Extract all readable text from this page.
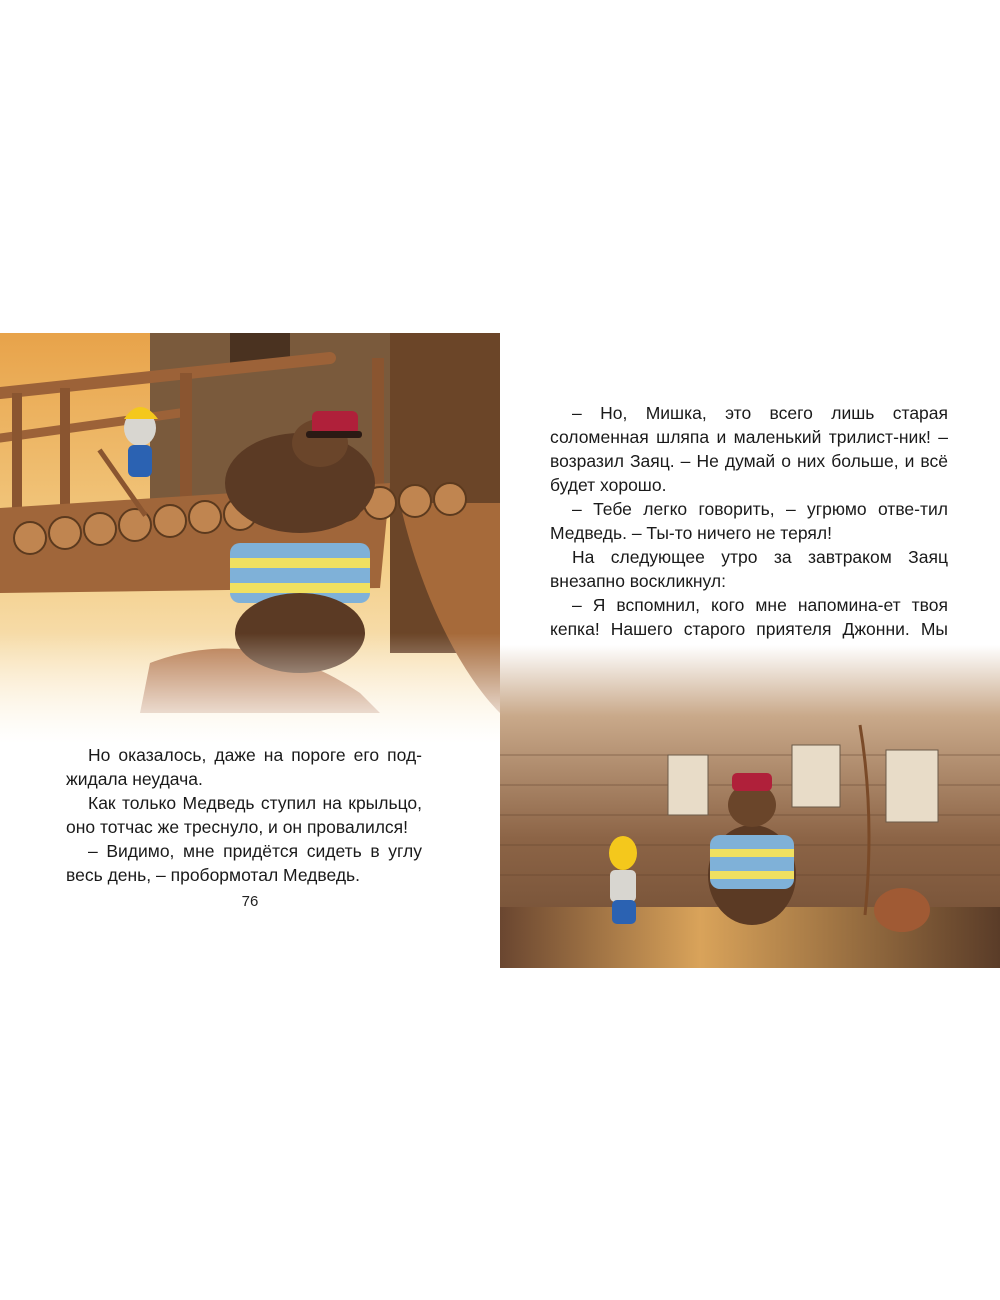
Но оказалось, даже на пороге его под-жидала неудача.

Как только Медведь ступил на крыльцо, оно тотчас же треснуло, и он провалился!

– Видимо, мне придётся сидеть в углу весь день, – пробормотал Медведь.

76

– Но, Мишка, это всего лишь старая соломенная шляпа и маленький трилист-ник! – возразил Заяц. – Не думай о них больше, и всё будет хорошо.

– Тебе легко говорить, – угрюмо отве-тил Медведь. – Ты-то ничего не терял!

На следующее утро за завтраком Заяц внезапно воскликнул:

– Я вспомнил, кого мне напомина-ет твоя кепка! Нашего старого приятеля Джонни. Мы
